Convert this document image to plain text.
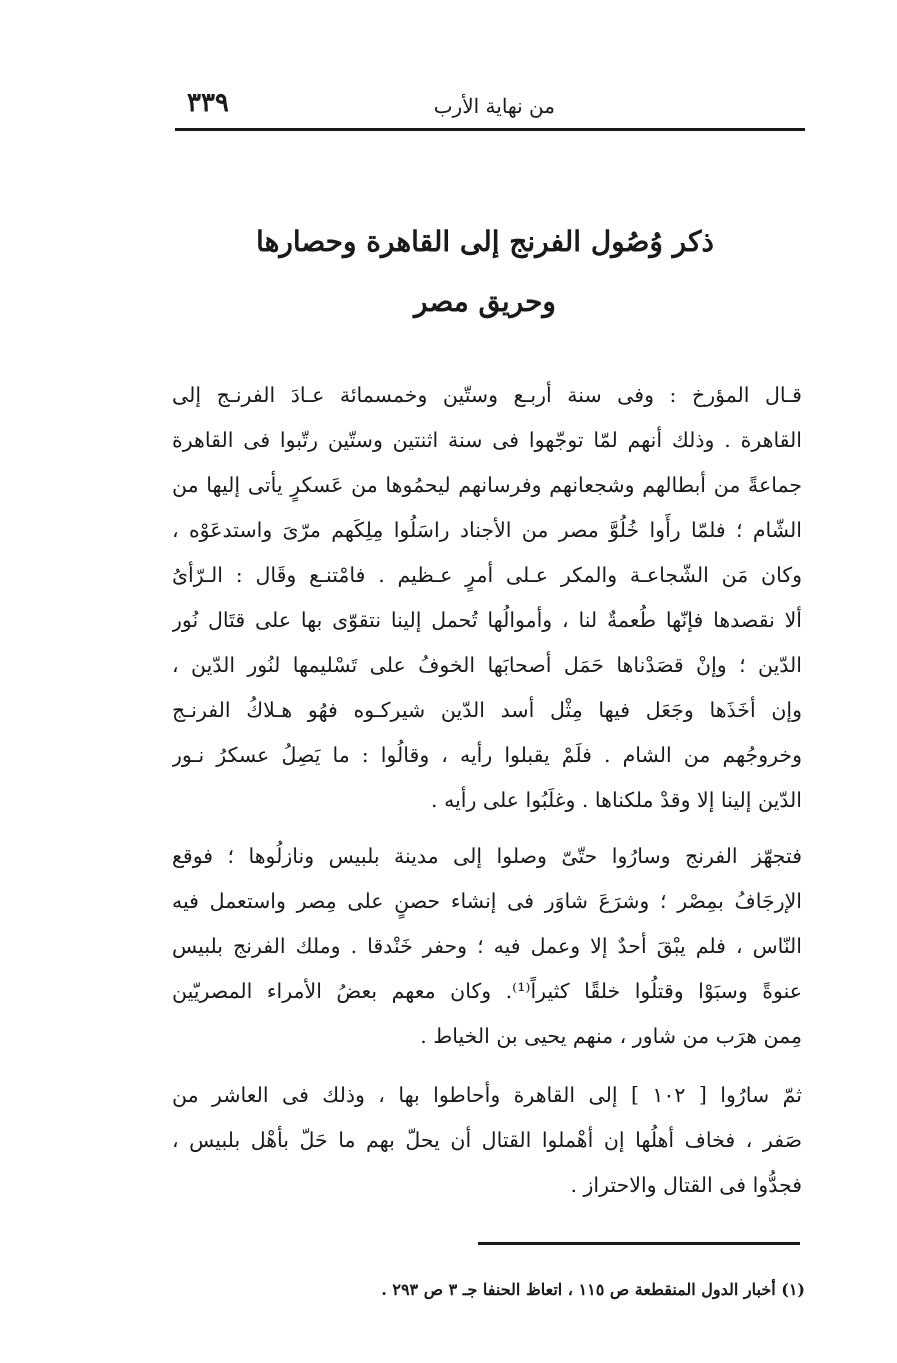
٣٣٩	من نهاية الأرب
ذكر وُصُول الفرنج إلى القاهرة وحصارها
وحريق مصر
قـال المؤرخ : وفى سنة أربـع وستّين وخمسمائة عـادَ الفرنـج إلى
القاهرة . وذلك أنهم لمّا توجّهوا فى سنة اثنتين وستّين رتّبوا فى القاهرة
جماعةً من أبطالهم وشجعانهم وفرسانهم ليحمُوها من عَسكرٍ يأتى إليها من
الشّام ؛ فلمّا رأَوا خُلُوَّ مصر من الأجناد راسَلُوا مِلِكَهم مرّىَ واستدعَوْه ،
وكان مَن الشّجاعـة والمكر عـلى أمرٍ عـظيم . فامْتنـع وقَال : الـرّأىُ
ألا نقصدها فإنّها طُعمةٌ لنا ، وأموالُها تُحمل إلينا نتقوّى بها على قتَال نُور
الدّين ؛ وإنْ قصَدْناها حَمَل أصحابَها الخوفُ على تَسْليمها لنُور الدّين ،
وإن أخَذَها وجَعَل فيها مِثْل أسد الدّين شيركـوه فهُو هـلاكُ الفرنـج
وخروجُهم من الشام . فلَمْ يقبلوا رأيه ، وقالُوا : ما يَصِلُ عسكرُ نـور
الدّين إلينا إلا وقدْ ملكناها . وغلَبُوا على رأيه .
فتجهّز الفرنج وسارُوا حتّىّ وصلوا إلى مدينة بلبيس ونازلُوها ؛ فوقع
الإرجَافُ بمِصْر ؛ وشرَعَ شاوَر فى إنشاء حصنٍ على مِصر واستعمل فيه
النّاس ، فلم يبْقَ أحدٌ إلا وعمل فيه ؛ وحفر خَنْدقا . وملك الفرنج بلبيس
عنوةً وسبَوْا وقتلُوا خلقًا كثيراً⁽¹⁾. وكان معهم بعضُ الأمراء المصريّين
مِمن هرَب من شاور ، منهم يحيى بن الخياط .
ثمّ سارُوا [ ١٠٢ ] إلى القاهرة وأحاطوا بها ، وذلك فى العاشر من
صَفر ، فخاف أهلُها إن أهْملوا القتال أن يحلّ بهم ما حَلّ بأهْل بلبيس ،
فجدُّوا فى القتال والاحتراز .
(١) أخبار الدول المنقطعة ص ١١٥ ، اتعاظ الحنفا جـ ٣ ص ٢٩٣ .
